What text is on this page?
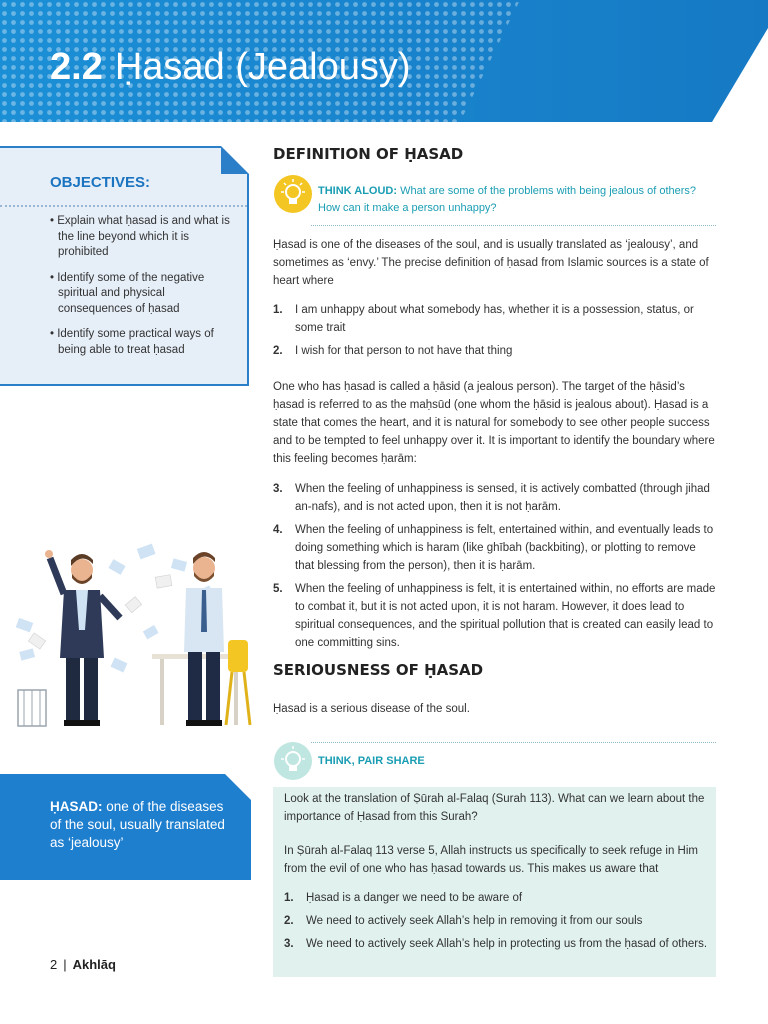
2.2 Ḥasad (Jealousy)
OBJECTIVES:
• Explain what ḥasad is and what is the line beyond which it is prohibited
• Identify some of the negative spiritual and physical consequences of ḥasad
• Identify some practical ways of being able to treat ḥasad
ḤASAD: one of the diseases of the soul, usually translated as ‘jealousy’
2 | Akhlāq
DEFINITION OF ḤASAD
THINK ALOUD: What are some of the problems with being jealous of others? How can it make a person unhappy?

Ḥasad is one of the diseases of the soul, and is usually translated as ‘jealousy’, and sometimes as ‘envy.’ The precise definition of ḥasad from Islamic sources is a state of heart where

1. I am unhappy about what somebody has, whether it is a possession, status, or some trait
2. I wish for that person to not have that thing

One who has ḥasad is called a ḥāsid (a jealous person). The target of the ḥāsid’s ḥasad is referred to as the maḥsūd (one whom the ḥāsid is jealous about). Ḥasad is a state that comes the heart, and it is natural for somebody to see other people success and to be tempted to feel unhappy over it. It is important to identify the boundary where this feeling becomes ḥarām:

3. When the feeling of unhappiness is sensed, it is actively combatted (through jihad an-nafs), and is not acted upon, then it is not ḥarām.
4. When the feeling of unhappiness is felt, entertained within, and eventually leads to doing something which is haram (like ghībah (backbiting), or plotting to remove that blessing from the person), then it is ḥarām.
5. When the feeling of unhappiness is felt, it is entertained within, no efforts are made to combat it, but it is not acted upon, it is not haram. However, it does lead to spiritual consequences, and the spiritual pollution that is created can easily lead to one committing sins.
SERIOUSNESS OF ḤASAD

Ḥasad is a serious disease of the soul.

THINK, PAIR SHARE

Look at the translation of Ṣūrah al-Falaq (Surah 113). What can we learn about the importance of Ḥasad from this Surah?

In Ṣūrah al-Falaq 113 verse 5, Allah instructs us specifically to seek refuge in Him from the evil of one who has ḥasad towards us. This makes us aware that

1. Ḥasad is a danger we need to be aware of
2. We need to actively seek Allah’s help in removing it from our souls
3. We need to actively seek Allah’s help in protecting us from the ḥasad of others.
